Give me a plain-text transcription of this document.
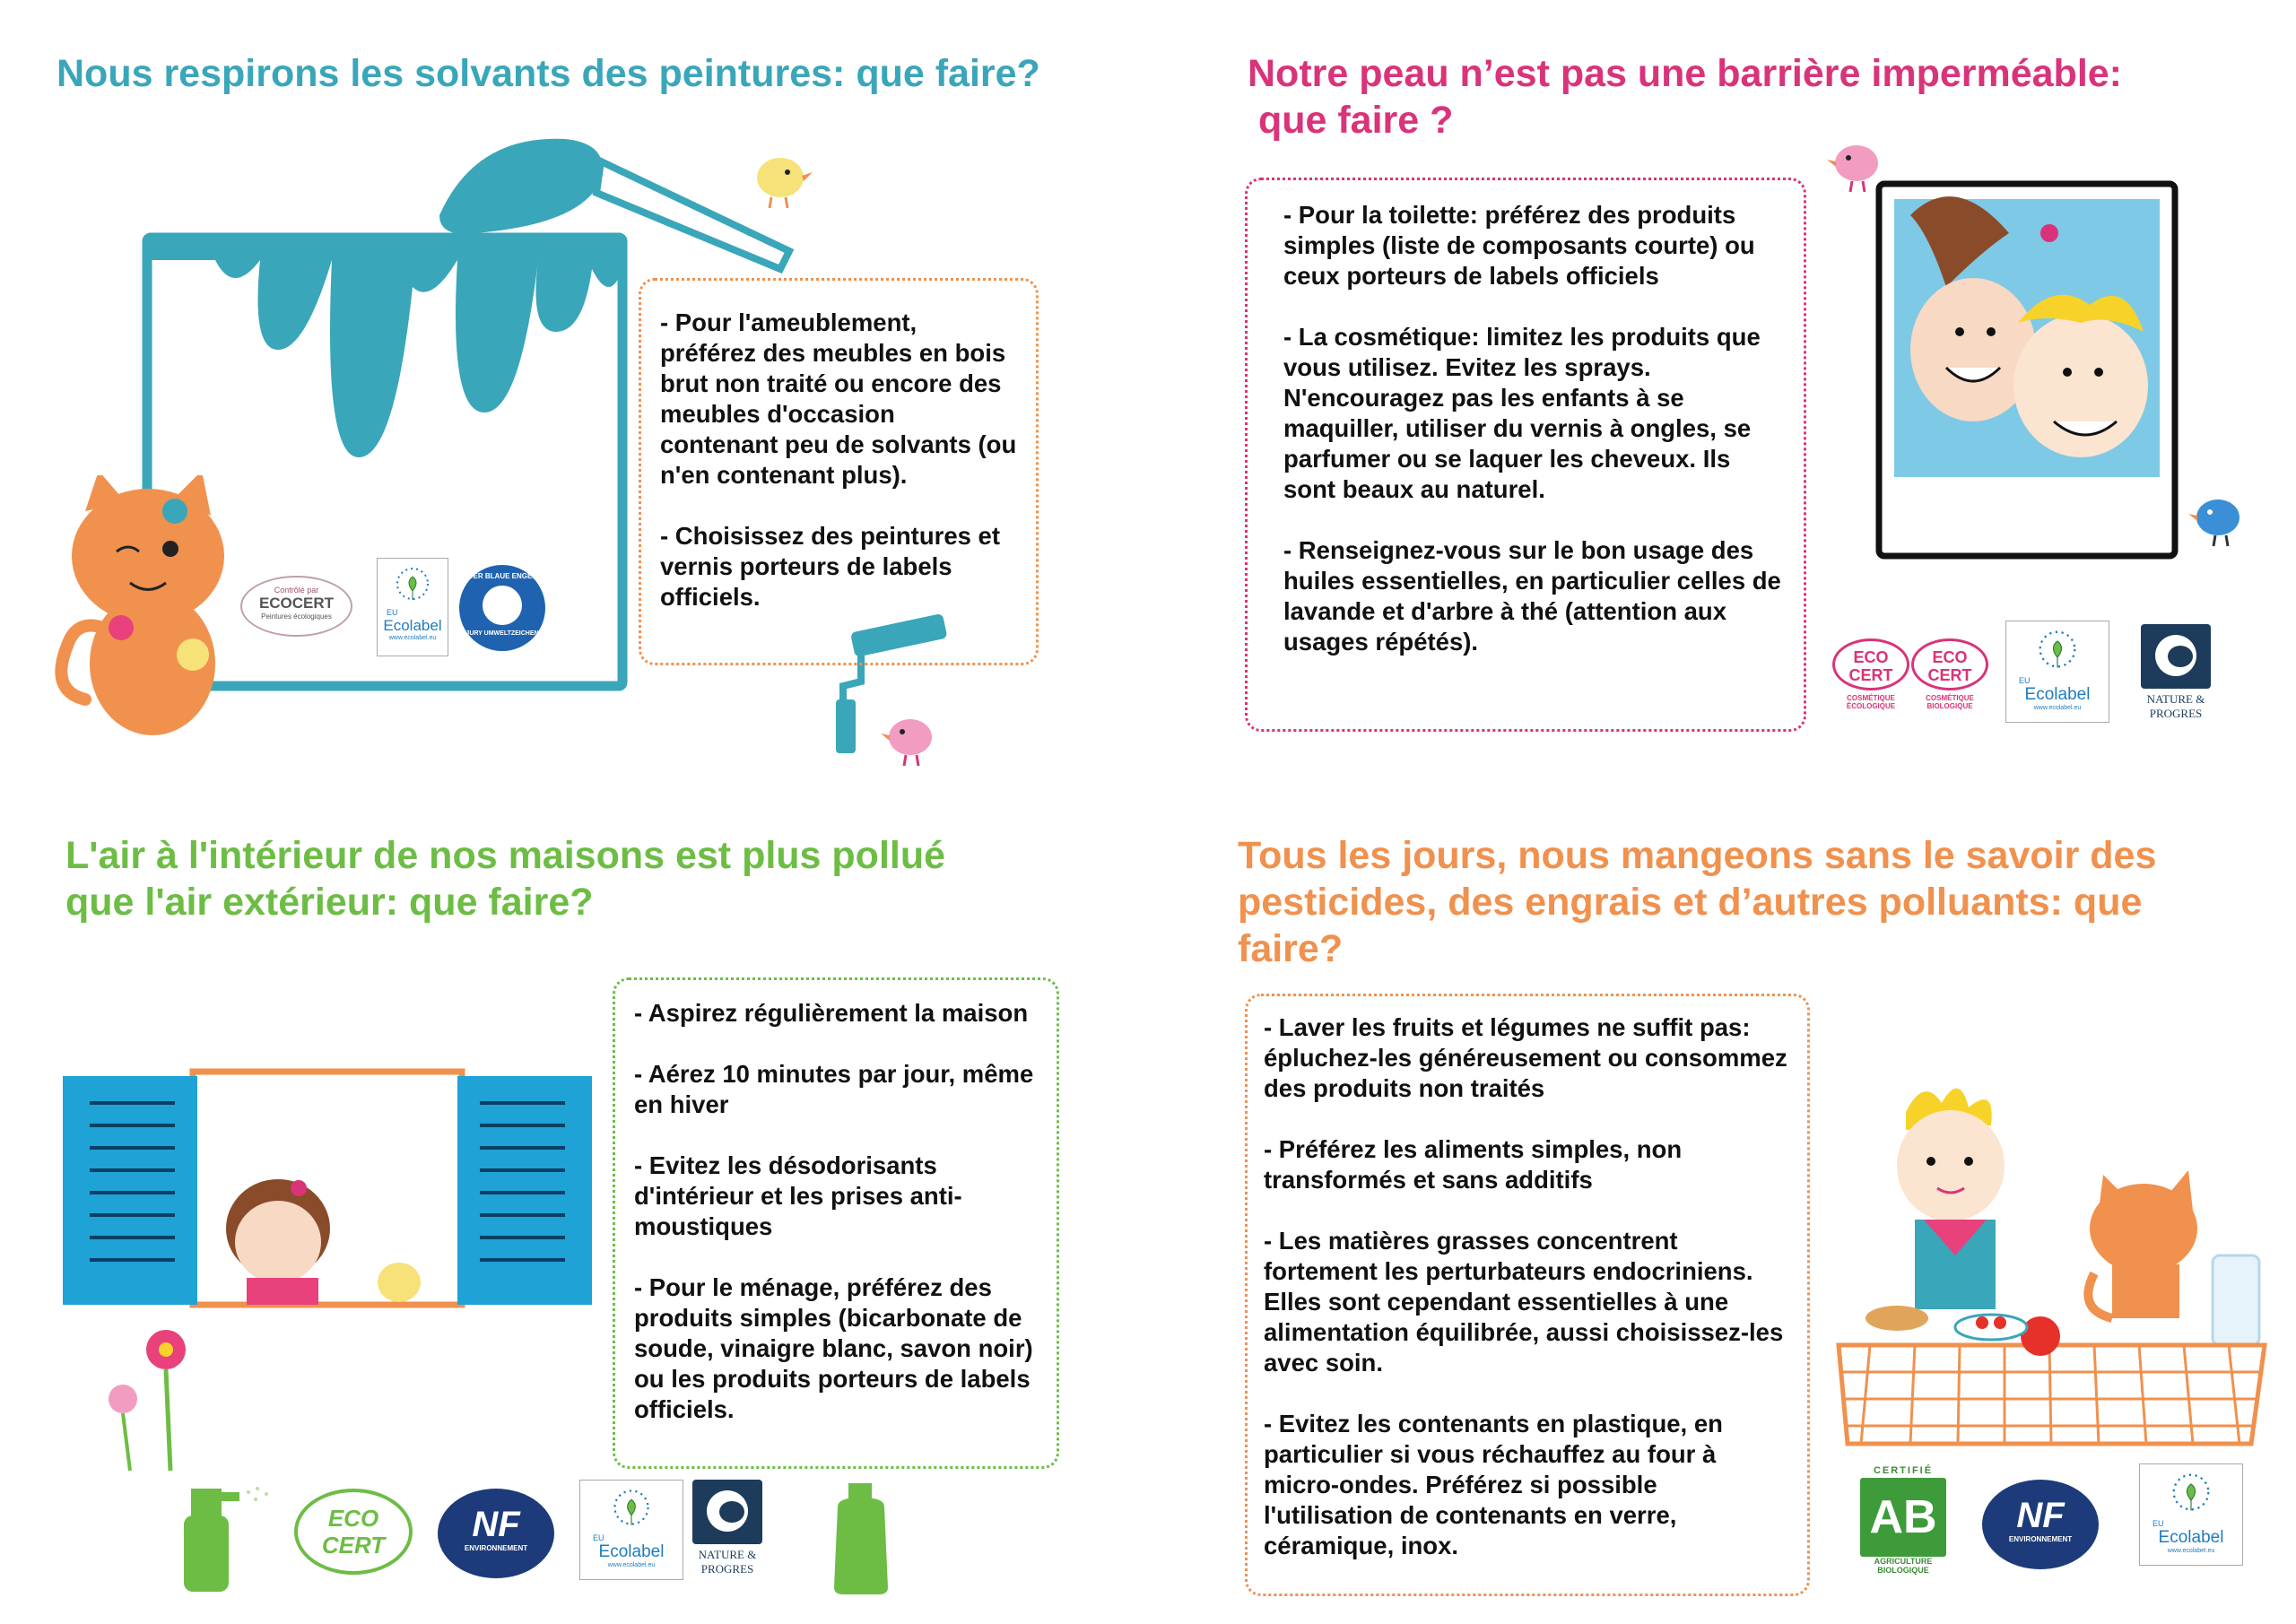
Nous respirons les solvants des peintures: que faire?
Contrôlé par
ECOCERT
Peintures écologiques	EU
Ecolabel
www.ecolabel.eu
DER BLAUE ENGEL
JURY UMWELTZEICHEN

- Pour l'ameublement, préférez des meubles en bois brut non traité ou encore des meubles d'occasion contenant peu de solvants (ou n'en contenant plus).

- Choisissez des peintures et vernis porteurs de labels officiels.

Notre peau n’est pas une barrière imperméable:
que faire ?

- Pour la toilette: préférez des produits simples (liste de composants courte) ou ceux porteurs de labels officiels

- La cosmétique: limitez les produits que vous utilisez. Evitez les sprays. N'encouragez pas les enfants à se maquiller, utiliser du vernis à ongles, se parfumer ou se laquer les cheveux. Ils sont beaux au naturel.

- Renseignez-vous sur le bon usage des huiles essentielles, en particulier celles de lavande et d'arbre à thé (attention aux usages répétés).

ECO CERT
COSMÉTIQUE ÉCOLOGIQUE
ECO CERT
COSMÉTIQUE BIOLOGIQUE
EU
Ecolabel
www.ecolabel.eu
NATURE &
PROGRES
L'air à l'intérieur de nos maisons est plus pollué
que l'air extérieur: que faire?

- Aspirez régulièrement la maison

- Aérez 10 minutes par jour, même en hiver

- Evitez les désodorisants d'intérieur et les prises anti-moustiques

- Pour le ménage, préférez des produits simples (bicarbonate de soude, vinaigre blanc, savon noir) ou les produits porteurs de labels officiels.

ECO CERT
NF
ENVIRONNEMENT
EU
Ecolabel
www.ecolabel.eu
NATURE &
PROGRES
Tous les jours, nous mangeons sans le savoir des
pesticides, des engrais et d’autres polluants: que
faire?

- Laver les fruits et légumes ne suffit pas: épluchez-les généreusement ou consommez des produits non traités

- Préférez les aliments simples, non transformés et sans additifs

- Les matières grasses concentrent fortement les perturbateurs endocriniens. Elles sont cependant essentielles à une alimentation équilibrée, aussi choisissez-les avec soin.

- Evitez les contenants en plastique, en particulier si vous réchauffez au four à micro-ondes. Préférez si possible l'utilisation de contenants en verre, céramique, inox.

CERTIFIÉ
AB
AGRICULTURE
BIOLOGIQUE
NF
ENVIRONNEMENT
EU
Ecolabel
www.ecolabel.eu
